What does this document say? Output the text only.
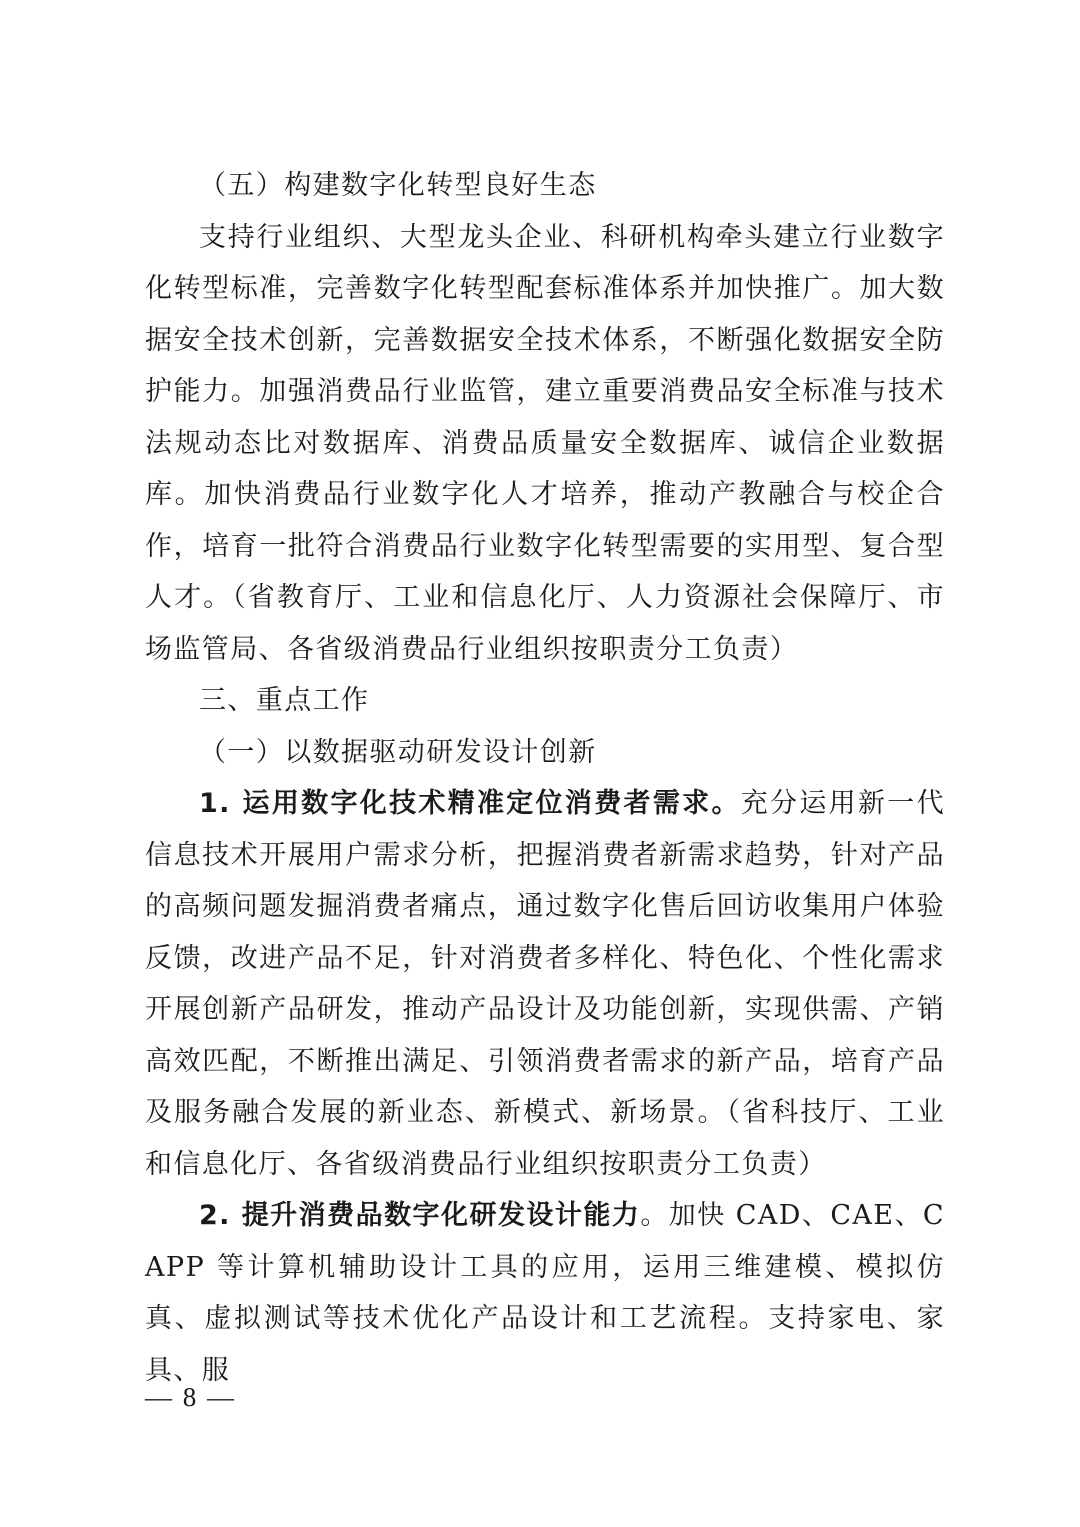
（五）构建数字化转型良好生态

支持行业组织、大型龙头企业、科研机构牵头建立行业数字化转型标准，完善数字化转型配套标准体系并加快推广。加大数据安全技术创新，完善数据安全技术体系，不断强化数据安全防护能力。加强消费品行业监管，建立重要消费品安全标准与技术法规动态比对数据库、消费品质量安全数据库、诚信企业数据库。加快消费品行业数字化人才培养，推动产教融合与校企合作，培育一批符合消费品行业数字化转型需要的实用型、复合型人才。（省教育厅、工业和信息化厅、人力资源社会保障厅、市场监管局、各省级消费品行业组织按职责分工负责）

三、重点工作

（一）以数据驱动研发设计创新

1. 运用数字化技术精准定位消费者需求。充分运用新一代信息技术开展用户需求分析，把握消费者新需求趋势，针对产品的高频问题发掘消费者痛点，通过数字化售后回访收集用户体验反馈，改进产品不足，针对消费者多样化、特色化、个性化需求开展创新产品研发，推动产品设计及功能创新，实现供需、产销高效匹配，不断推出满足、引领消费者需求的新产品，培育产品及服务融合发展的新业态、新模式、新场景。（省科技厅、工业和信息化厅、各省级消费品行业组织按职责分工负责）

2. 提升消费品数字化研发设计能力。加快 CAD、CAE、CAPP 等计算机辅助设计工具的应用，运用三维建模、模拟仿真、虚拟测试等技术优化产品设计和工艺流程。支持家电、家具、服

— 8 —
